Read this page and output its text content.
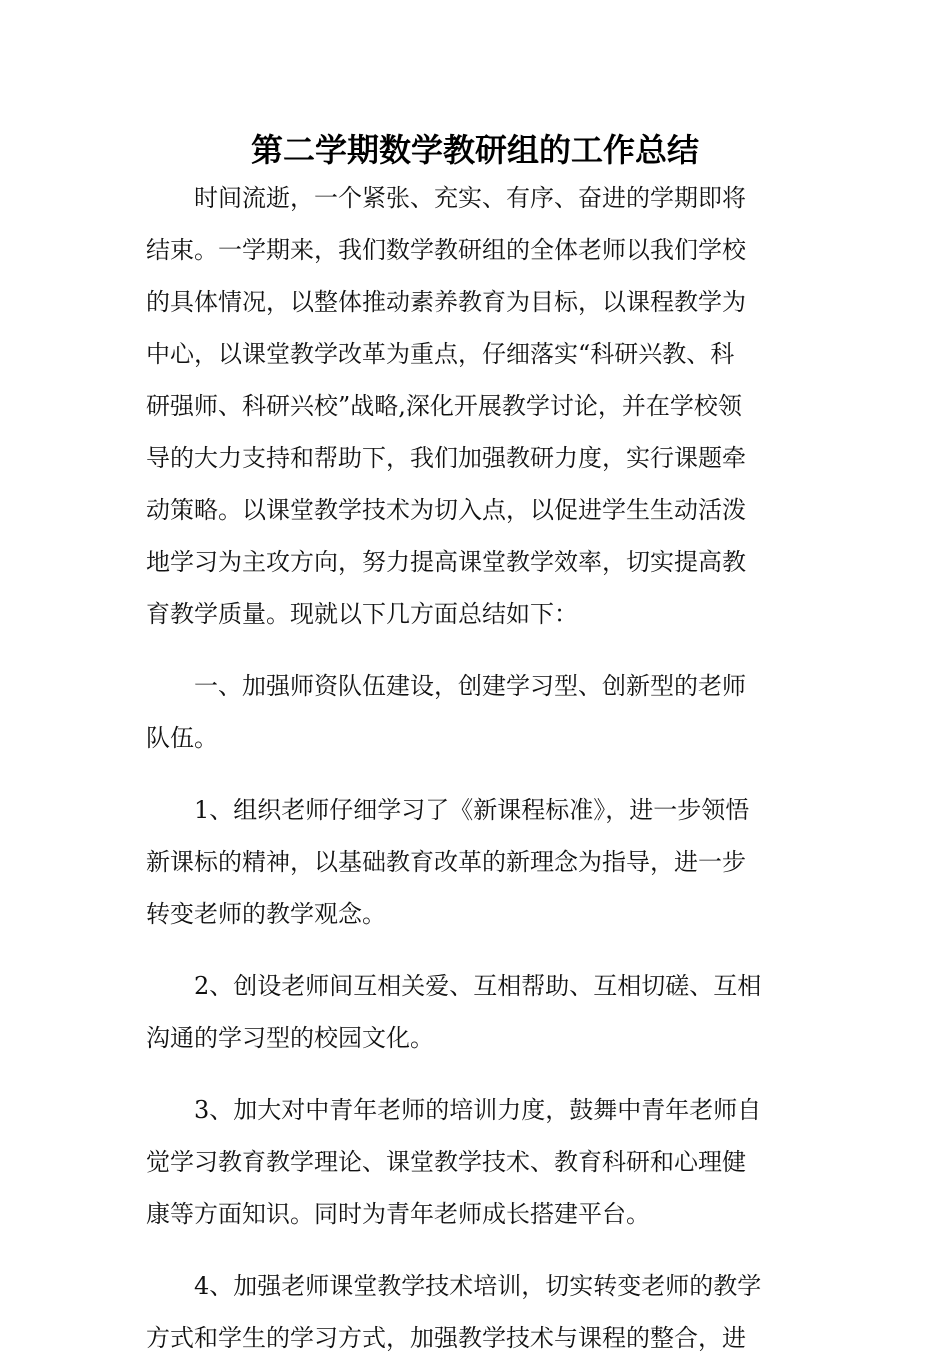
第二学期数学教研组的工作总结
时间流逝，一个紧张、充实、有序、奋进的学期即将
结束。一学期来，我们数学教研组的全体老师以我们学校
的具体情况，以整体推动素养教育为目标，以课程教学为
中心，以课堂教学改革为重点，仔细落实“科研兴教、科
研强师、科研兴校”战略,深化开展教学讨论，并在学校领
导的大力支持和帮助下，我们加强教研力度，实行课题牵
动策略。以课堂教学技术为切入点，以促进学生生动活泼
地学习为主攻方向，努力提高课堂教学效率，切实提高教
育教学质量。现就以下几方面总结如下：
一、加强师资队伍建设，创建学习型、创新型的老师
队伍。
1、组织老师仔细学习了《新课程标准》，进一步领悟
新课标的精神，以基础教育改革的新理念为指导，进一步
转变老师的教学观念。
2、创设老师间互相关爱、互相帮助、互相切磋、互相
沟通的学习型的校园文化。
3、加大对中青年老师的培训力度，鼓舞中青年老师自
觉学习教育教学理论、课堂教学技术、教育科研和心理健
康等方面知识。同时为青年老师成长搭建平台。
4、加强老师课堂教学技术培训，切实转变老师的教学
方式和学生的学习方式，加强教学技术与课程的整合，进
